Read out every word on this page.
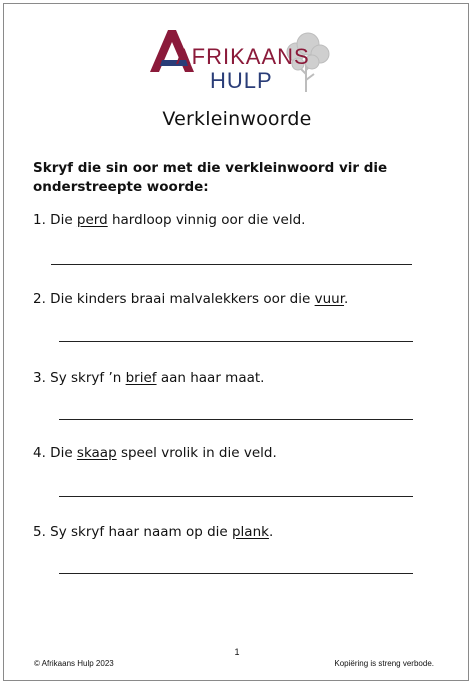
AFRIKAANS
HULP
Verkleinwoorde
Skryf die sin oor met die verkleinwoord vir die onderstreepte woorde:
1. Die perd hardloop vinnig oor die veld.
2. Die kinders braai malvalekkers oor die vuur.
3. Sy skryf ’n brief aan haar maat.
4. Die skaap speel vrolik in die veld.
5. Sy skryf haar naam op die plank.
1
© Afrikaans Hulp 2023	Kopiëring is streng verbode.
